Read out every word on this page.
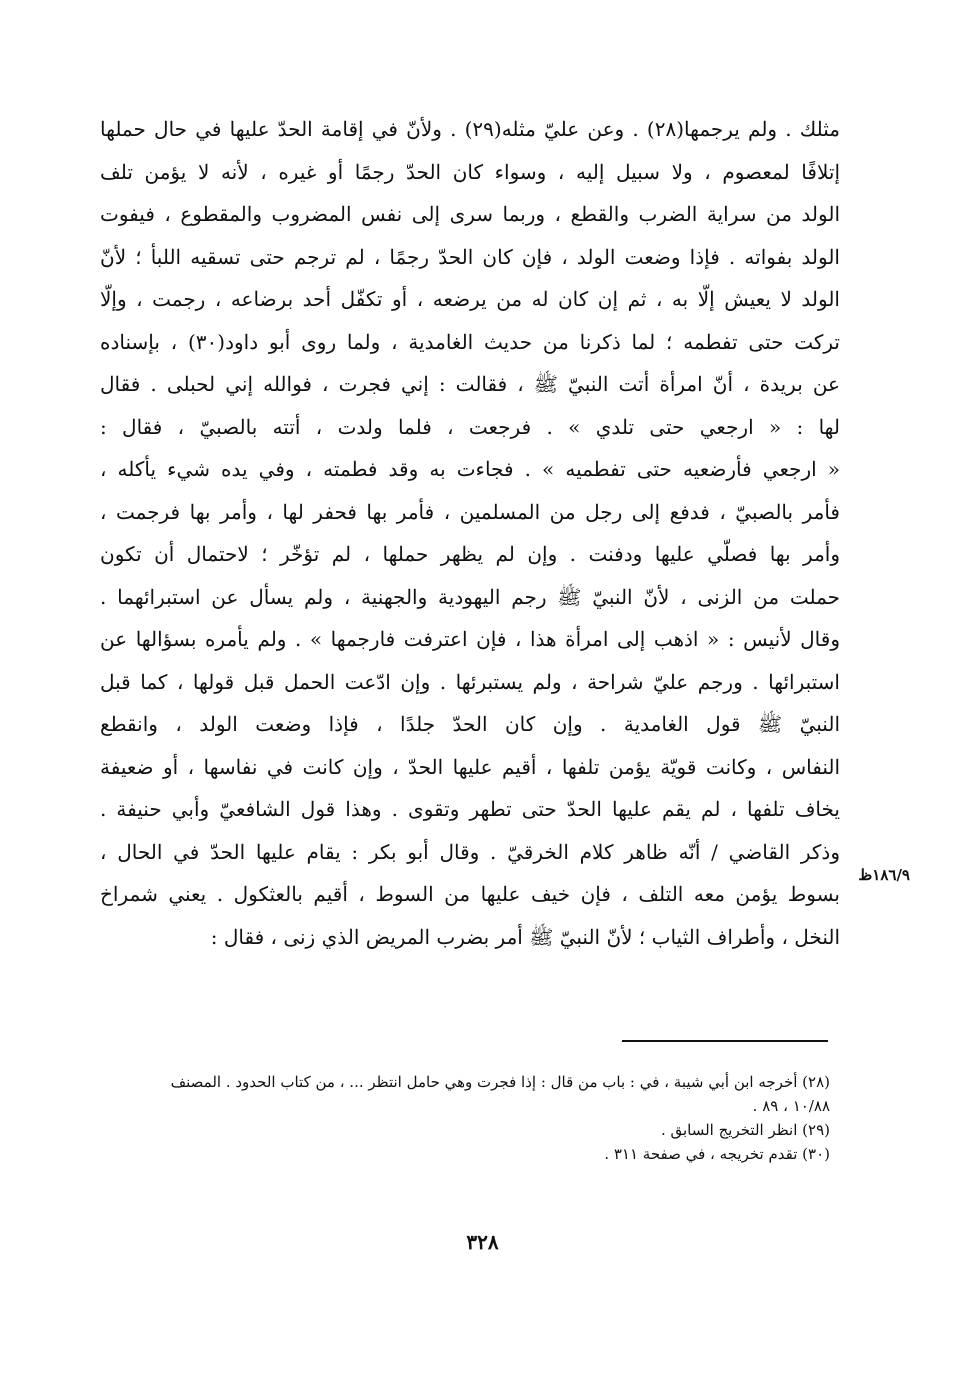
مثلك . ولم يرجمها(٢٨) . وعن عليّ مثله(٢٩) . ولأنّ في إقامة الحدّ عليها في حال حملها
إتلافًا لمعصوم ، ولا سبيل إليه ، وسواء كان الحدّ رجمًا أو غيره ، لأنه لا يؤمن تلف
الولد من سراية الضرب والقطع ، وربما سرى إلى نفس المضروب والمقطوع ، فيفوت
الولد بفواته . فإذا وضعت الولد ، فإن كان الحدّ رجمًا ، لم ترجم حتى تسقيه اللبأ ؛ لأنّ
الولد لا يعيش إلّا به ، ثم إن كان له من يرضعه ، أو تكفّل أحد برضاعه ، رجمت ، وإلّا
تركت حتى تفطمه ؛ لما ذكرنا من حديث الغامدية ، ولما روى أبو داود(٣٠) ، بإسناده
عن بريدة ، أنّ امرأة أتت النبيّ ﷺ ، فقالت : إني فجرت ، فوالله إني لحبلى . فقال
لها : « ارجعي حتى تلدي » . فرجعت ، فلما ولدت ، أتته بالصبيّ ، فقال :
« ارجعي فأرضعيه حتى تفطميه » . فجاءت به وقد فطمته ، وفي يده شيء يأكله ،
فأمر بالصبيّ ، فدفع إلى رجل من المسلمين ، فأمر بها فحفر لها ، وأمر بها فرجمت ،
وأمر بها فصلّي عليها ودفنت . وإن لم يظهر حملها ، لم تؤخّر ؛ لاحتمال أن تكون
حملت من الزنى ، لأنّ النبيّ ﷺ رجم اليهودية والجهنية ، ولم يسأل عن استبرائهما .
وقال لأنيس : « اذهب إلى امرأة هذا ، فإن اعترفت فارجمها » . ولم يأمره بسؤالها عن
استبرائها . ورجم عليّ شراحة ، ولم يستبرئها . وإن ادّعت الحمل قبل قولها ، كما قبل
النبيّ ﷺ قول الغامدية . وإن كان الحدّ جلدًا ، فإذا وضعت الولد ، وانقطع
النفاس ، وكانت قويّة يؤمن تلفها ، أقيم عليها الحدّ ، وإن كانت في نفاسها ، أو ضعيفة
يخاف تلفها ، لم يقم عليها الحدّ حتى تطهر وتقوى . وهذا قول الشافعيّ وأبي حنيفة .
وذكر القاضي / أنّه ظاهر كلام الخرقيّ . وقال أبو بكر : يقام عليها الحدّ في الحال ،
بسوط يؤمن معه التلف ، فإن خيف عليها من السوط ، أقيم بالعثكول . يعني شمراخ
النخل ، وأطراف الثياب ؛ لأنّ النبيّ ﷺ أمر بضرب المريض الذي زنى ، فقال :
١٨٦/٩ظ
(٢٨) أخرجه ابن أبي شيبة ، في : باب من قال : إذا فجرت وهي حامل انتظر ... ، من كتاب الحدود . المصنف ١٠/٨٨ ، ٨٩ .
(٢٩) انظر التخريج السابق .
(٣٠) تقدم تخريجه ، في صفحة ٣١١ .
٣٢٨
